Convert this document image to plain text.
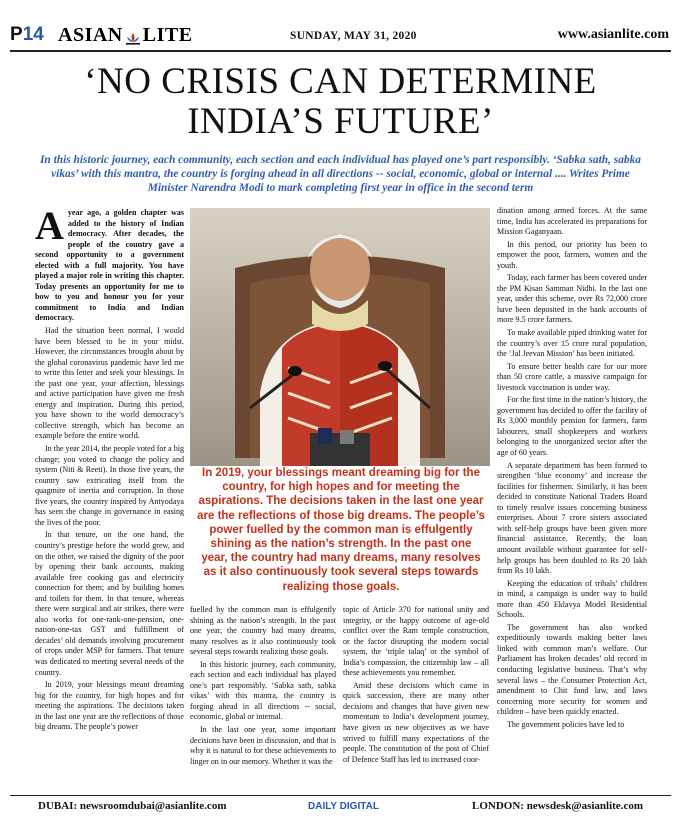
P14 ASIAN LITE	SUNDAY, MAY 31, 2020	www.asianlite.com
‘NO CRISIS CAN DETERMINE
INDIA’S FUTURE’
In this historic journey, each community, each section and each individual has played one’s part responsibly. ‘Sabka sath, sabka vikas’ with this mantra, the country is forging ahead in all directions -- social, economic, global or internal .... Writes Prime Minister Narendra Modi to mark completing first year in office in the second term

Ayear ago, a golden chapter was added to the history of Indian democracy. After decades, the people of the country gave a second opportunity to a government elected with a full majority. You have played a major role in writing this chapter. Today presents an opportunity for me to bow to you and honour you for your commitment to India and Indian democracy.

Had the situation been normal, I would have been blessed to be in your midst. However, the circumstances brought about by the global coronavirus pandemic have led me to write this letter and seek your blessings. In the past one year, your affection, blessings and active participation have given me fresh energy and inspiration. During this period, you have shown to the world democracy’s collective strength, which has become an example before the entire world.

In the year 2014, the people voted for a big change; you voted to change the policy and system (Niti & Reeti). In those five years, the country saw extricating itself from the quagmire of inertia and corruption. In those five years, the country inspired by Antyodaya has seen the change in governance in easing the lives of the poor.

In that tenure, on the one hand, the country’s prestige before the world grew, and on the other, we raised the dignity of the poor by opening their bank accounts, making available free cooking gas and electricity connection for them; and by building homes and toilets for them. In that tenure, whereas there were surgical and air strikes, there were also works for one-rank-one-pension, one-nation-one-tax GST and fulfillment of decades’ old demands involving procurement of crops under MSP for farmers. That tenure was dedicated to meeting several needs of the country.

In 2019, your blessings meant dreaming big for the country, for high hopes and for meeting the aspirations. The decisions taken in the last one year are the reflections of those big dreams. The people’s power

In 2019, your blessings meant dreaming big for the country, for high hopes and for meeting the aspirations. The decisions taken in the last one year are the reflections of those big dreams. The people’s power fuelled by the common man is effulgently shining as the nation’s strength. In the past one year, the country had many dreams, many resolves as it also continuously took several steps towards realizing those goals.

fuelled by the common man is effulgently shining as the nation’s strength. In the past one year, the country had many dreams, many resolves as it also continuously took several steps towards realizing those goals.

In this historic journey, each community, each section and each individual has played one’s part responsibly. ‘Sabka sath, sabka vikas’ with this mantra, the country is forging ahead in all directions -- social, economic, global or internal.

In the last one year, some important decisions have been in discussion, and that is why it is natural to for these achievements to linger on in our memory. Whether it was the

topic of Article 370 for national unity and integrity, or the happy outcome of age-old conflict over the Ram temple construction, or the factor disrupting the modern social system, the ‘triple talaq’ or the symbol of India’s compassion, the citizenship law – all these achievements you remember.

Amid these decisions which came in quick succession, there are many other decisions and changes that have given new momentum to India’s development journey, have given us new objectives as we have strived to fulfill many expectations of the people. The constitution of the post of Chief of Defence Staff has led to increased coor-

dination among armed forces. At the same time, India has accelerated its preparations for Mission Gaganyaan.

In this period, our priority has been to empower the poor, farmers, women and the youth.

Today, each farmer has been covered under the PM Kisan Samman Nidhi. In the last one year, under this scheme, over Rs 72,000 crore have been deposited in the bank accounts of more 9.5 crore farmers.

To make available piped drinking water for the country’s over 15 crore rural population, the ‘Jal Jeevan Mission’ has been initiated.

To ensure better health care for our more than 50 crore cattle, a massive campaign for livestock vaccination is under way.

For the first time in the nation’s history, the government has decided to offer the facility of Rs 3,000 monthly pension for farmers, farm labourers, small shopkeepers and workers belonging to the unorganized sector after the age of 60 years.

A separate department has been formed to strengthen ‘blue economy’ and increase the facilities for fishermen. Similarly, it has been decided to constitute National Traders Board to timely resolve issues concerning business enterprises. About 7 crore sisters associated with self-help groups have been given more financial assistance. Recently, the loan amount available without guarantee for self-help groups has been doubled to Rs 20 lakh from Rs 10 lakh.

Keeping the education of tribals’ children in mind, a campaign is under way to build more than 450 Eklavya Model Residential Schools.

The government has also worked expeditiously towards making better laws linked with common man’s welfare. Our Parliament has broken decades’ old record in conducting legislative business. That’s why several laws – the Consumer Protection Act, amendment to Chit fund law, and laws concerning more security for women and children – have been quickly enacted.

The government policies have led to

DUBAI: newsroomdubai@asianlite.com	DAILY DIGITAL	LONDON: newsdesk@asianlite.com
